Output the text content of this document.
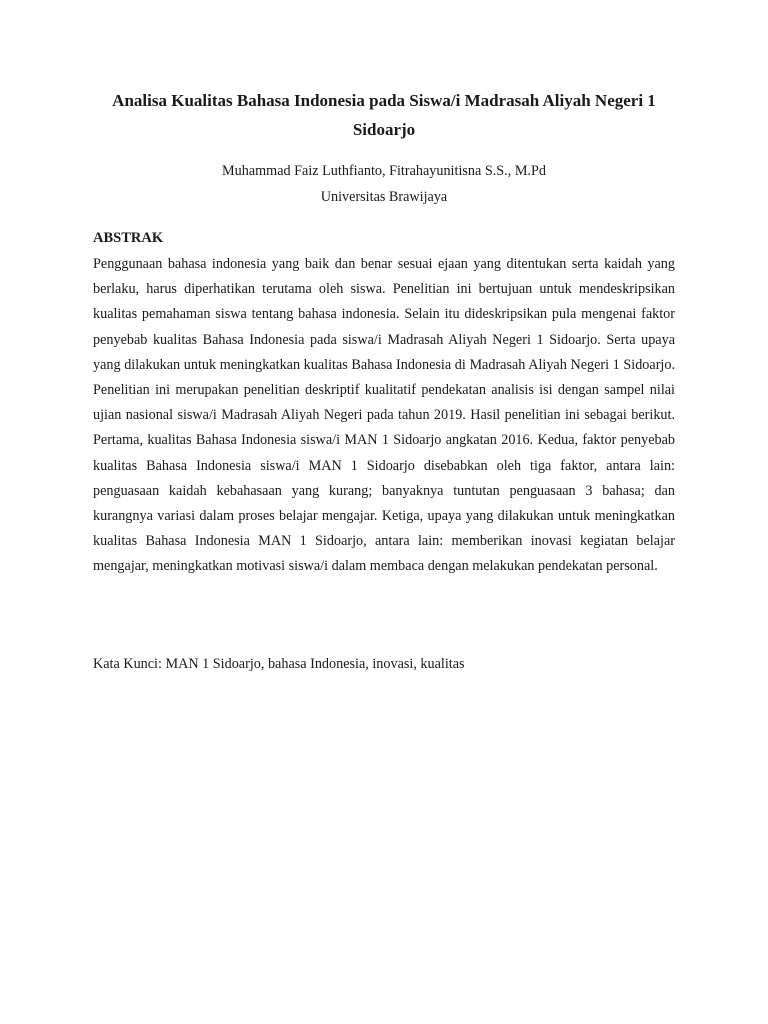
Analisa Kualitas Bahasa Indonesia pada Siswa/i Madrasah Aliyah Negeri 1 Sidoarjo

Muhammad Faiz Luthfianto, Fitrahayunitisna S.S., M.Pd

Universitas Brawijaya

ABSTRAK

Penggunaan bahasa indonesia yang baik dan benar sesuai ejaan yang ditentukan serta kaidah yang berlaku, harus diperhatikan terutama oleh siswa. Penelitian ini bertujuan untuk mendeskripsikan kualitas pemahaman siswa tentang bahasa indonesia. Selain itu dideskripsikan pula mengenai faktor penyebab kualitas Bahasa Indonesia pada siswa/i Madrasah Aliyah Negeri 1 Sidoarjo. Serta upaya yang dilakukan untuk meningkatkan kualitas Bahasa Indonesia di Madrasah Aliyah Negeri 1 Sidoarjo. Penelitian ini merupakan penelitian deskriptif kualitatif pendekatan analisis isi dengan sampel nilai ujian nasional siswa/i Madrasah Aliyah Negeri pada tahun 2019. Hasil penelitian ini sebagai berikut. Pertama, kualitas Bahasa Indonesia siswa/i MAN 1 Sidoarjo angkatan 2016. Kedua, faktor penyebab kualitas Bahasa Indonesia siswa/i MAN 1 Sidoarjo disebabkan oleh tiga faktor, antara lain: penguasaan kaidah kebahasaan yang kurang; banyaknya tuntutan penguasaan 3 bahasa; dan kurangnya variasi dalam proses belajar mengajar. Ketiga, upaya yang dilakukan untuk meningkatkan kualitas Bahasa Indonesia MAN 1 Sidoarjo, antara lain: memberikan inovasi kegiatan belajar mengajar, meningkatkan motivasi siswa/i dalam membaca dengan melakukan pendekatan personal.

Kata Kunci: MAN 1 Sidoarjo, bahasa Indonesia, inovasi, kualitas
